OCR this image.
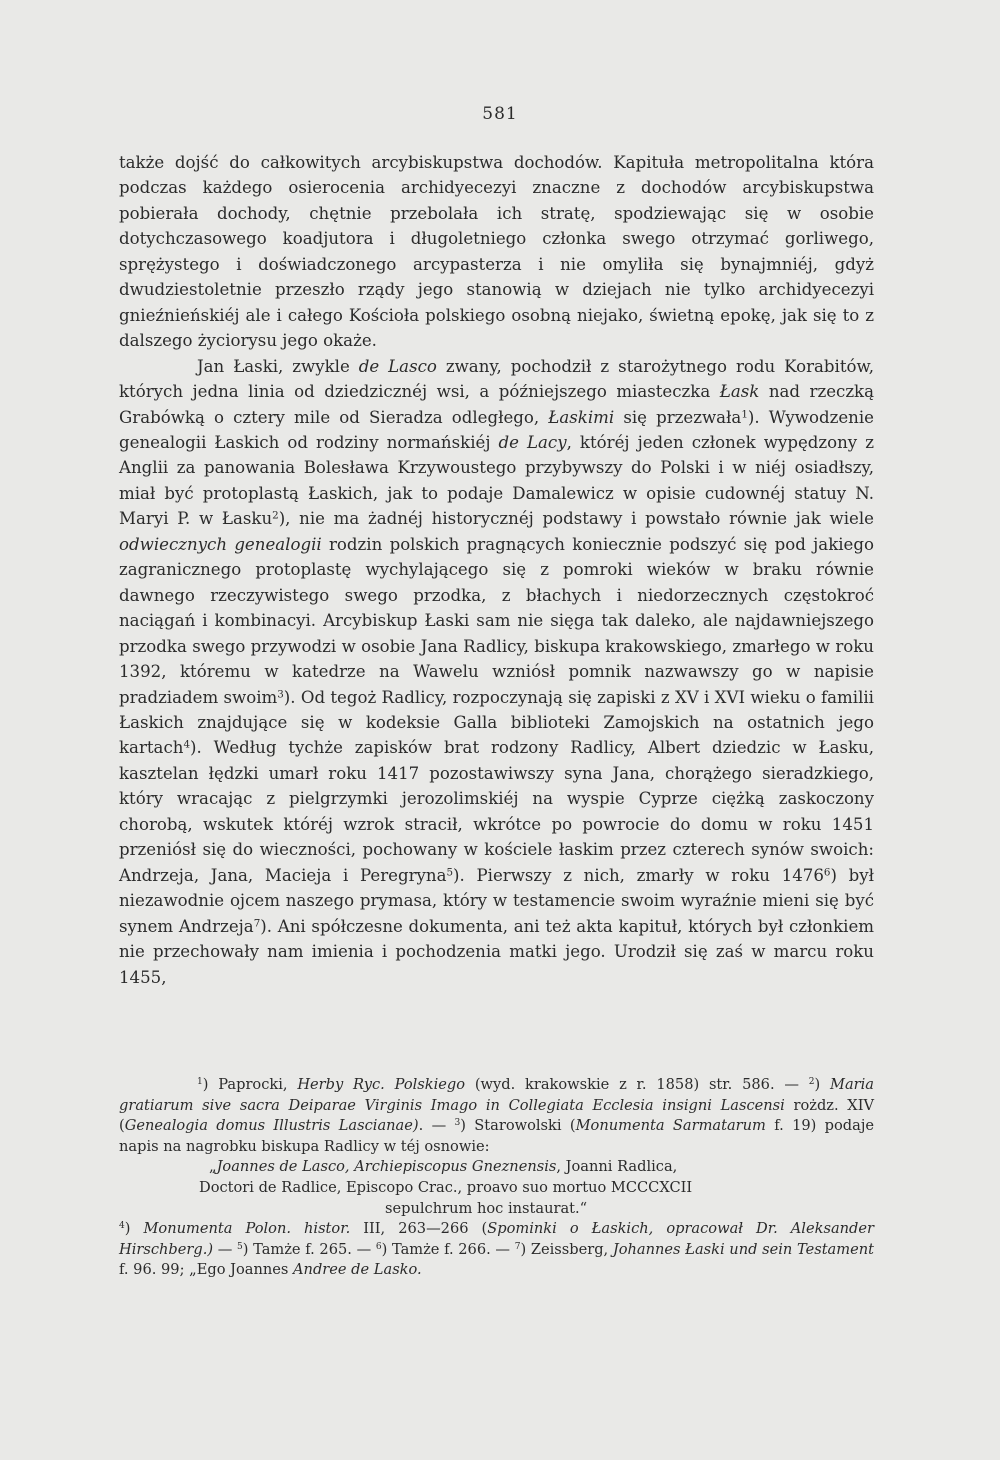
581

także dojść do całkowitych arcybiskupstwa dochodów. Kapituła metropolitalna która podczas każdego osierocenia archidyecezyi znaczne z dochodów arcybiskupstwa pobierała dochody, chętnie przebolała ich stratę, spodziewając się w osobie dotychczasowego koadjutora i długoletniego członka swego otrzymać gorliwego, sprężystego i doświadczonego arcypasterza i nie omyliła się bynajmniéj, gdyż dwudziestoletnie przeszło rządy jego stanowią w dziejach nie tylko archidyecezyi gnieźnieńskiéj ale i całego Kościoła polskiego osobną niejako, świetną epokę, jak się to z dalszego życiorysu jego okaże.

Jan Łaski, zwykle de Lasco zwany, pochodził z starożytnego rodu Korabitów, których jedna linia od dziedzicznéj wsi, a późniejszego miasteczka Łask nad rzeczką Grabówką o cztery mile od Sieradza odległego, Łaskimi się przezwała$^1$). Wywodzenie genealogii Łaskich od rodziny normańskiéj de Lacy, któréj jeden członek wypędzony z Anglii za panowania Bolesława Krzywoustego przybywszy do Polski i w niéj osiadłszy, miał być protoplastą Łaskich, jak to podaje Damalewicz w opisie cudownéj statuy N. Maryi P. w Łasku$^2$), nie ma żadnéj historycznéj podstawy i powstało równie jak wiele odwiecznych genealogii rodzin polskich pragnących koniecznie podszyć się pod jakiego zagranicznego protoplastę wychylającego się z pomroki wieków w braku równie dawnego rzeczywistego swego przodka, z błachych i niedorzecznych częstokroć naciągań i kombinacyi. Arcybiskup Łaski sam nie sięga tak daleko, ale najdawniejszego przodka swego przywodzi w osobie Jana Radlicy, biskupa krakowskiego, zmarłego w roku 1392, któremu w katedrze na Wawelu wzniósł pomnik nazwawszy go w napisie pradziadem swoim$^3$). Od tegoż Radlicy, rozpoczynają się zapiski z XV i XVI wieku o familii Łaskich znajdujące się w kodeksie Galla biblioteki Zamojskich na ostatnich jego kartach$^4$). Według tychże zapisków brat rodzony Radlicy, Albert dziedzic w Łasku, kasztelan łędzki umarł roku 1417 pozostawiwszy syna Jana, chorążego sieradzkiego, który wracając z pielgrzymki jerozolimskiéj na wyspie Cyprze ciężką zaskoczony chorobą, wskutek któréj wzrok stracił, wkrótce po powrocie do domu w roku 1451 przeniósł się do wieczności, pochowany w kościele łaskim przez czterech synów swoich: Andrzeja, Jana, Macieja i Peregryna$^5$). Pierwszy z nich, zmarły w roku 1476$^6$) był niezawodnie ojcem naszego prymasa, który w testamencie swoim wyraźnie mieni się być synem Andrzeja$^7$). Ani spółczesne dokumenta, ani też akta kapituł, których był członkiem nie przechowały nam imienia i pochodzenia matki jego. Urodził się zaś w marcu roku 1455,

$^1$) Paprocki, Herby Ryc. Polskiego (wyd. krakowskie z r. 1858) str. 586. — $^2$) Maria gratiarum sive sacra Deiparae Virginis Imago in Collegiata Ecclesia insigni Lascensi rożdz. XIV (Genealogia domus Illustris Lascianae). — $^3$) Starowolski (Monumenta Sarmatarum f. 19) podaje napis na nagrobku biskupa Radlicy w téj osnowie:

„Joannes de Lasco, Archiepiscopus Gneznensis, Joanni Radlica,

Doctori de Radlice, Episcopo Crac., proavo suo mortuo MCCCXCII

sepulchrum hoc instaurat.“

$^4$) Monumenta Polon. histor. III, 263—266 (Spominki o Łaskich, opracował Dr. Aleksander Hirschberg.) — $^5$) Tamże f. 265. — $^6$) Tamże f. 266. — $^7$) Zeissberg, Johannes Łaski und sein Testament f. 96. 99; „Ego Joannes Andree de Lasko.
